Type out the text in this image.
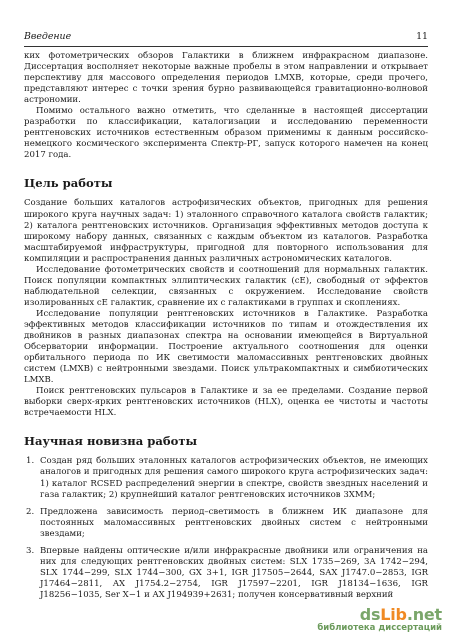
Введение	11

ких фотометрических обзоров Галактики в ближнем инфракрасном диапазоне. Диссертация восполняет некоторые важные пробелы в этом направлении и открывает перспективу для массового определения периодов LMXB, которые, среди прочего, представляют интерес с точки зрения бурно развивающейся гравитационно-волновой астрономии.

Помимо остального важно отметить, что сделанные в настоящей диссертации разработки по классификации, каталогизации и исследованию переменности рентгеновских источников естественным образом применимы к данным российско-немецкого космического эксперимента Спектр-РГ, запуск которого намечен на конец 2017 года.

Цель работы

Создание больших каталогов астрофизических объектов, пригодных для решения широкого круга научных задач: 1) эталонного справочного каталога свойств галактик; 2) каталога рентгеновских источников. Организация эффективных методов доступа к широкому набору данных, связанных с каждым объектом из каталогов. Разработка масштабируемой инфраструктуры, пригодной для повторного использования для компиляции и распространения данных различных астрономических каталогов.

Исследование фотометрических свойств и соотношений для нормальных галактик. Поиск популяции компактных эллиптических галактик (cE), свободный от эффектов наблюдательной селекции, связанных с окружением. Исследование свойств изолированных cE галактик, сравнение их с галактиками в группах и скоплениях.

Исследование популяции рентгеновских источников в Галактике. Разработка эффективных методов классификации источников по типам и отождествления их двойников в разных диапазонах спектра на основании имеющейся в Виртуальной Обсерватории информации. Построение актуального соотношения для оценки орбитального периода по ИК светимости маломассивных рентгеновских двойных систем (LMXB) с нейтронными звездами. Поиск ультракомпактных и симбиотических LMXB.

Поиск рентгеновских пульсаров в Галактике и за ее пределами. Создание первой выборки сверх-ярких рентгеновских источников (HLX), оценка ее чистоты и частоты встречаемости HLX.

Научная новизна работы
1. Создан ряд больших эталонных каталогов астрофизических объектов, не имеющих аналогов и пригодных для решения самого широкого круга астрофизических задач: 1) каталог RCSED распределений энергии в спектре, свойств звездных населений и газа галактик; 2) крупнейший каталог рентгеновских источников 3XMM;
2. Предложена зависимость период–светимость в ближнем ИК диапазоне для постоянных маломассивных рентгеновских двойных систем с нейтронными звездами;
3. Впервые найдены оптические и/или инфракрасные двойники или ограничения на них для следующих рентгеновских двойных систем: SLX 1735−269, 3A 1742−294, SLX 1744−299, SLX 1744−300, GX 3+1, IGR J17505−2644, SAX J1747.0−2853, IGR J17464−2811, AX J1754.2−2754, IGR J17597−2201, IGR J18134−1636, IGR J18256−1035, Ser X−1 и AX J194939+2631; получен консервативный верхний
dsLib.net
библиотека диссертаций
